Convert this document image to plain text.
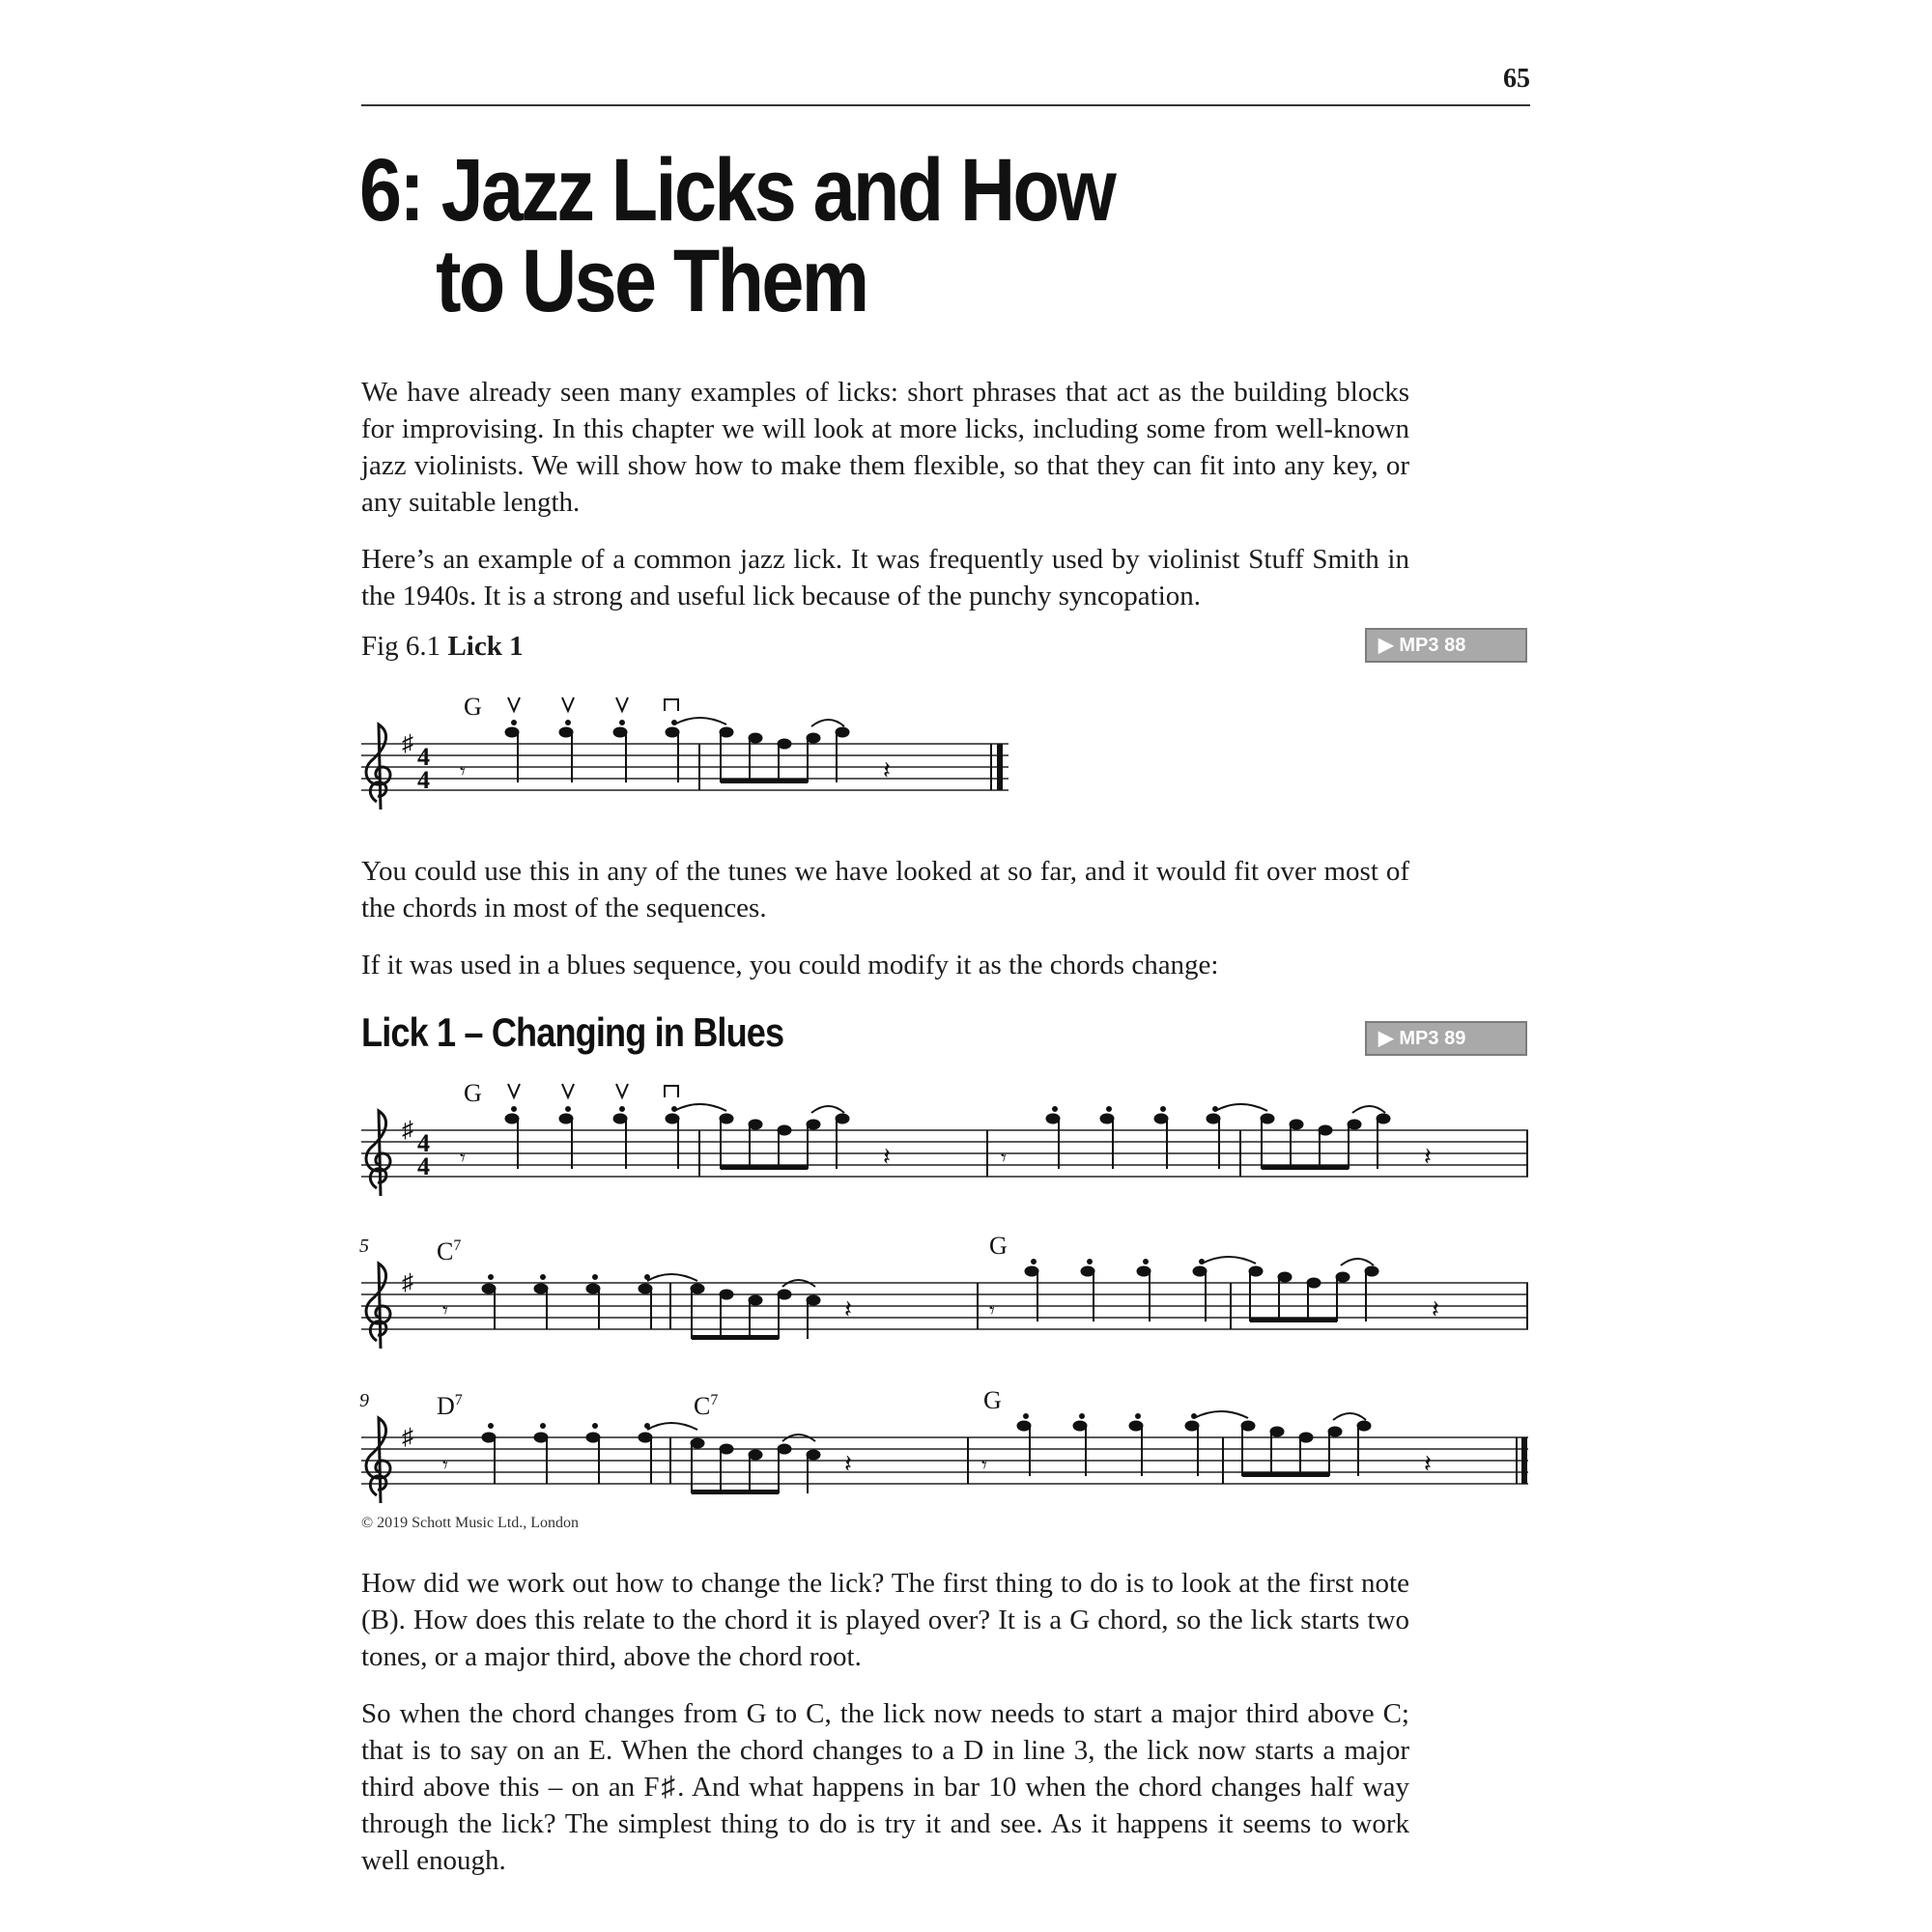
65
6: Jazz Licks and How
to Use Them

We have already seen many examples of licks: short phrases that act as the building blocks for improvising. In this chapter we will look at more licks, including some from well-known jazz violinists. We will show how to make them flexible, so that they can fit into any key, or any suitable length.

Here’s an example of a common jazz lick. It was frequently used by violinist Stuff Smith in the 1940s. It is a strong and useful lick because of the punchy syncopation.

Fig 6.1 Lick 1	▶ MP3 88
♯ 4
4
G
𝄾	𝄽

You could use this in any of the tunes we have looked at so far, and it would fit over most of the chords in most of the sequences.

If it was used in a blues sequence, you could modify it as the chords change:

Lick 1 – Changing in Blues	▶ MP3 89
♯ 4
4
G
𝄾	𝄽	𝄾	𝄽
5
♯
$C^7$
𝄾	𝄽
G
𝄾	𝄽
9
♯
$D^7$	$C^7$
𝄾	𝄽
G
𝄾	𝄽
© 2019 Schott Music Ltd., London

How did we work out how to change the lick? The first thing to do is to look at the first note (B). How does this relate to the chord it is played over? It is a G chord, so the lick starts two tones, or a major third, above the chord root.

So when the chord changes from G to C, the lick now needs to start a major third above C; that is to say on an E. When the chord changes to a D in line 3, the lick now starts a major third above this – on an F♯. And what happens in bar 10 when the chord changes half way through the lick? The simplest thing to do is try it and see. As it happens it seems to work well enough.
